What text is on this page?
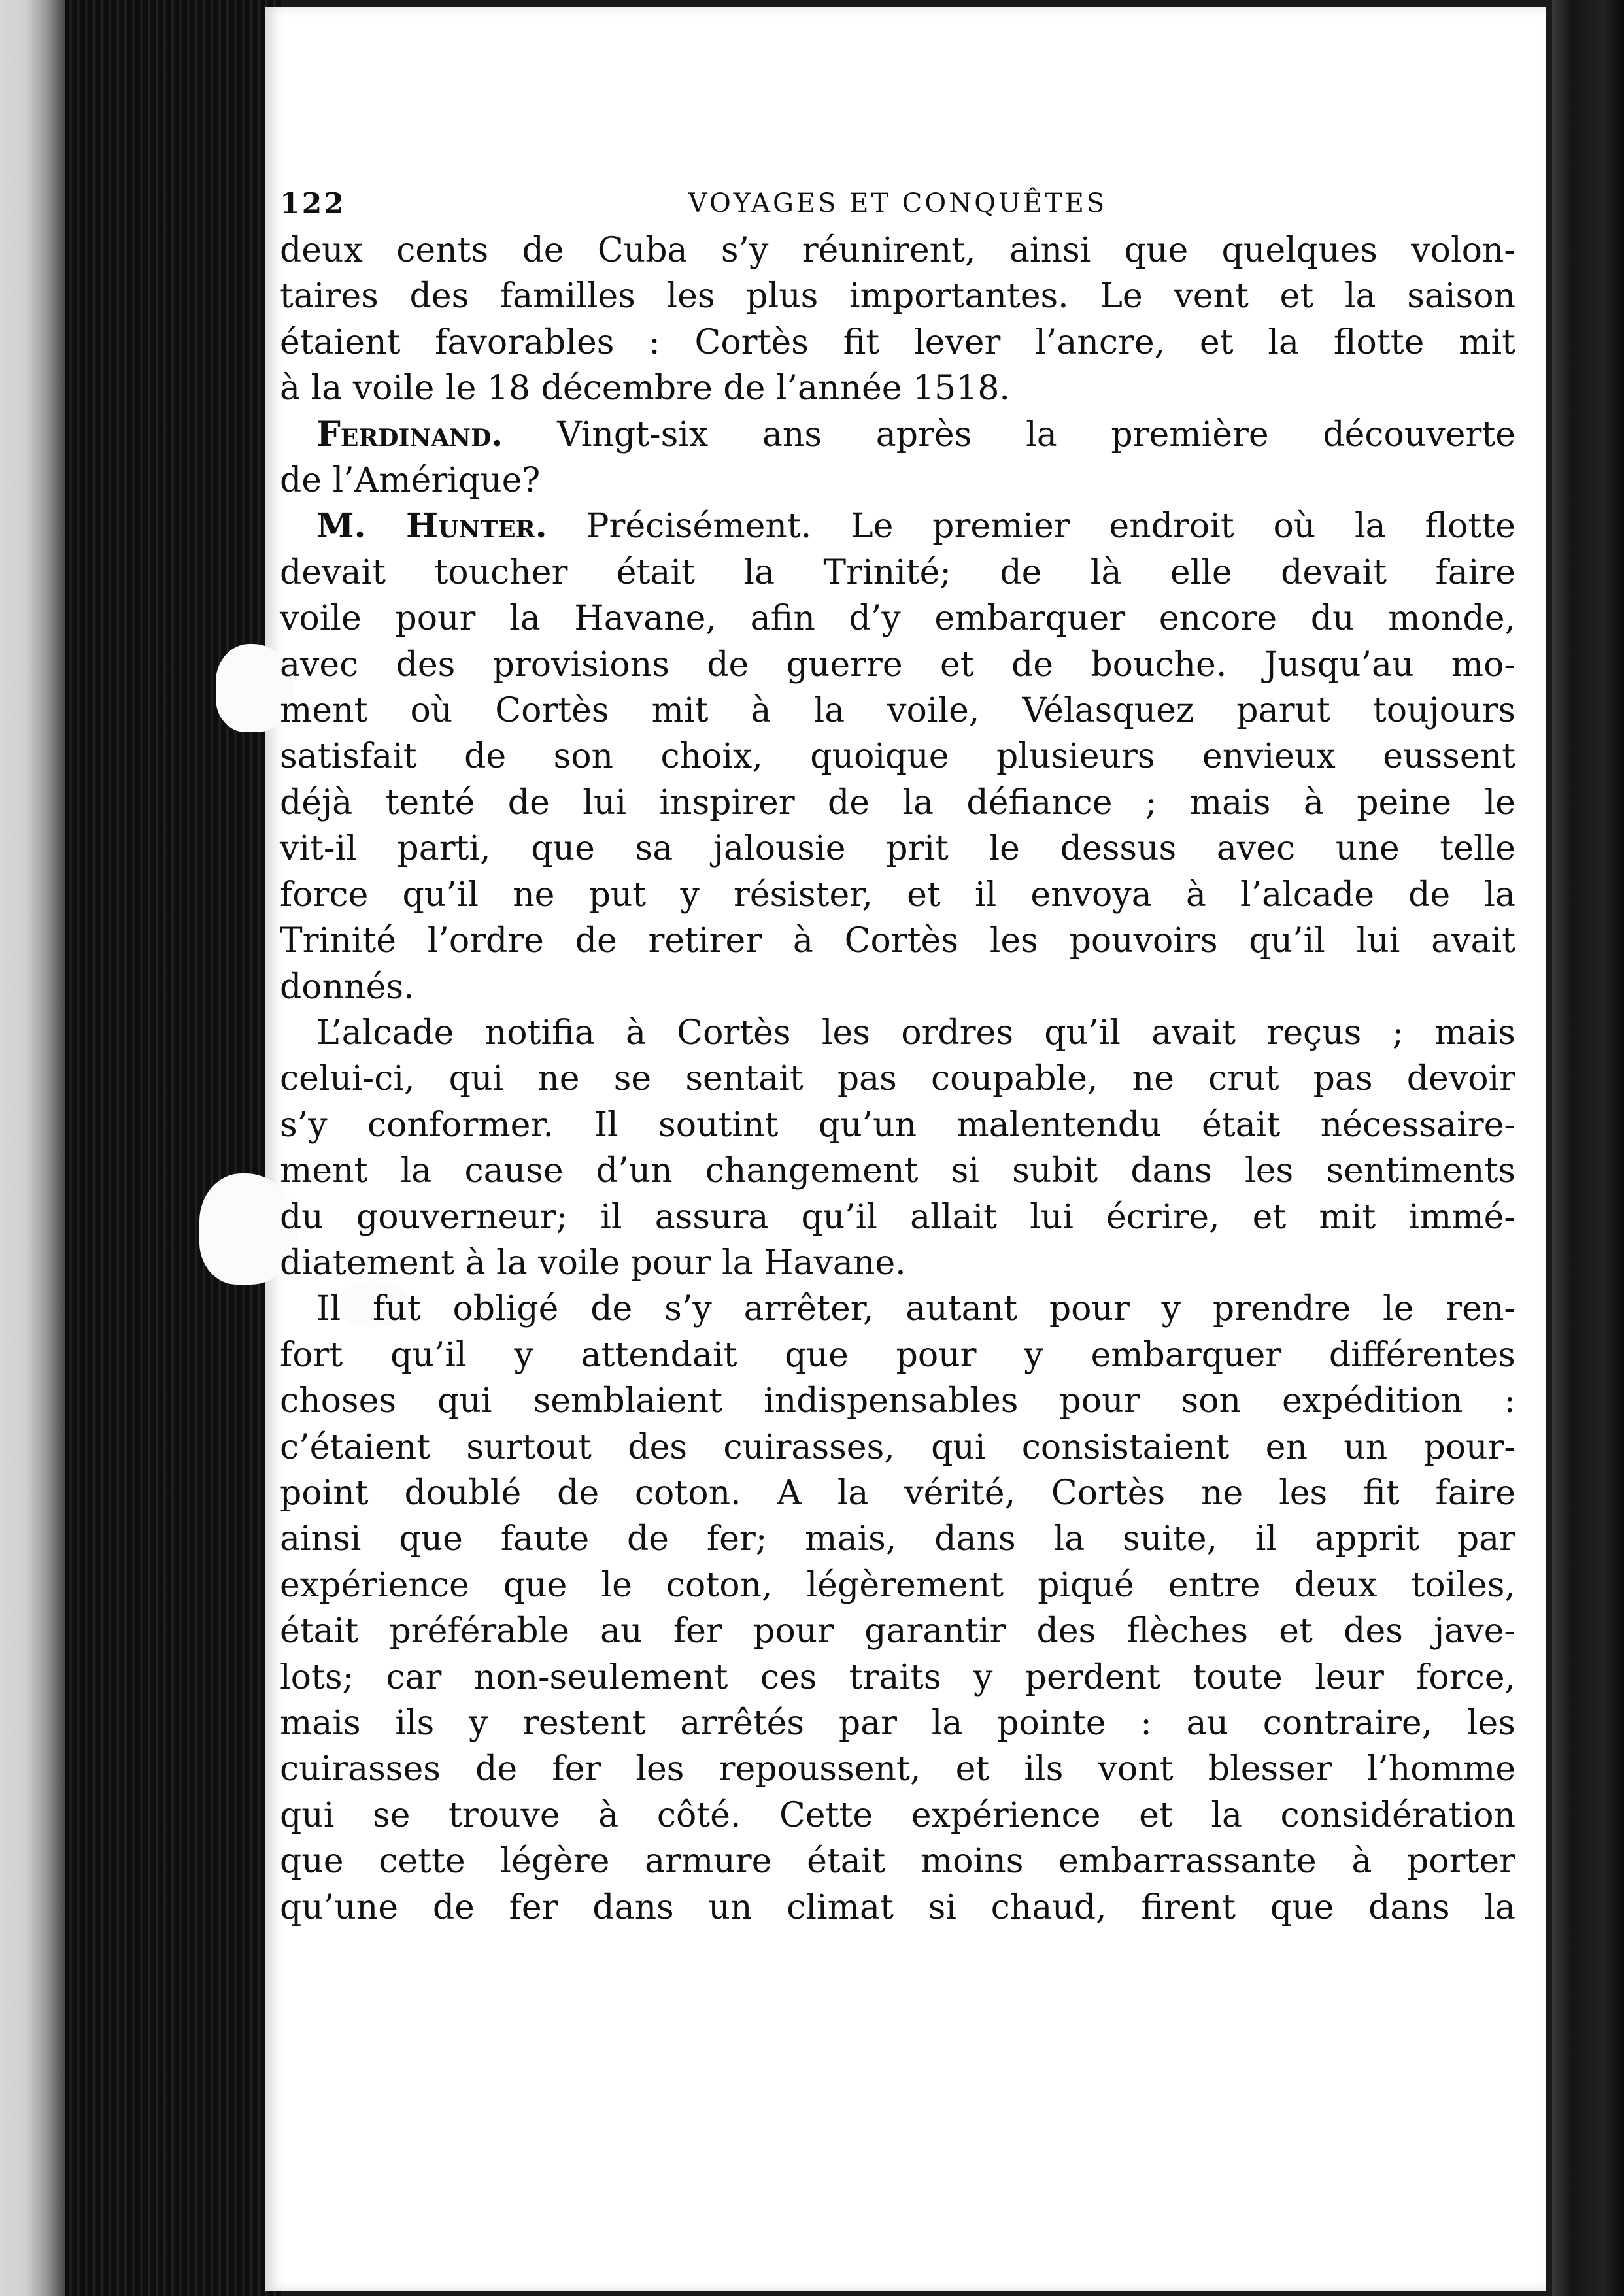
122	VOYAGES ET CONQUÊTES

deux cents de Cuba s’y réunirent, ainsi que quelques volon-
taires des familles les plus importantes. Le vent et la saison
étaient favorables : Cortès fit lever l’ancre, et la flotte mit
à la voile le 18 décembre de l’année 1518.

Ferdinand. Vingt-six ans après la première découverte
de l’Amérique?

M. Hunter. Précisément. Le premier endroit où la flotte
devait toucher était la Trinité; de là elle devait faire
voile pour la Havane, afin d’y embarquer encore du monde,
avec des provisions de guerre et de bouche. Jusqu’au mo-
ment où Cortès mit à la voile, Vélasquez parut toujours
satisfait de son choix, quoique plusieurs envieux eussent
déjà tenté de lui inspirer de la défiance ; mais à peine le
vit-il parti, que sa jalousie prit le dessus avec une telle
force qu’il ne put y résister, et il envoya à l’alcade de la
Trinité l’ordre de retirer à Cortès les pouvoirs qu’il lui avait
donnés.

L’alcade notifia à Cortès les ordres qu’il avait reçus ; mais
celui-ci, qui ne se sentait pas coupable, ne crut pas devoir
s’y conformer. Il soutint qu’un malentendu était nécessaire-
ment la cause d’un changement si subit dans les sentiments
du gouverneur; il assura qu’il allait lui écrire, et mit immé-
diatement à la voile pour la Havane.

Il fut obligé de s’y arrêter, autant pour y prendre le ren-
fort qu’il y attendait que pour y embarquer différentes
choses qui semblaient indispensables pour son expédition :
c’étaient surtout des cuirasses, qui consistaient en un pour-
point doublé de coton. A la vérité, Cortès ne les fit faire
ainsi que faute de fer; mais, dans la suite, il apprit par
expérience que le coton, légèrement piqué entre deux toiles,
était préférable au fer pour garantir des flèches et des jave-
lots; car non-seulement ces traits y perdent toute leur force,
mais ils y restent arrêtés par la pointe : au contraire, les
cuirasses de fer les repoussent, et ils vont blesser l’homme
qui se trouve à côté. Cette expérience et la considération
que cette légère armure était moins embarrassante à porter
qu’une de fer dans un climat si chaud, firent que dans la
